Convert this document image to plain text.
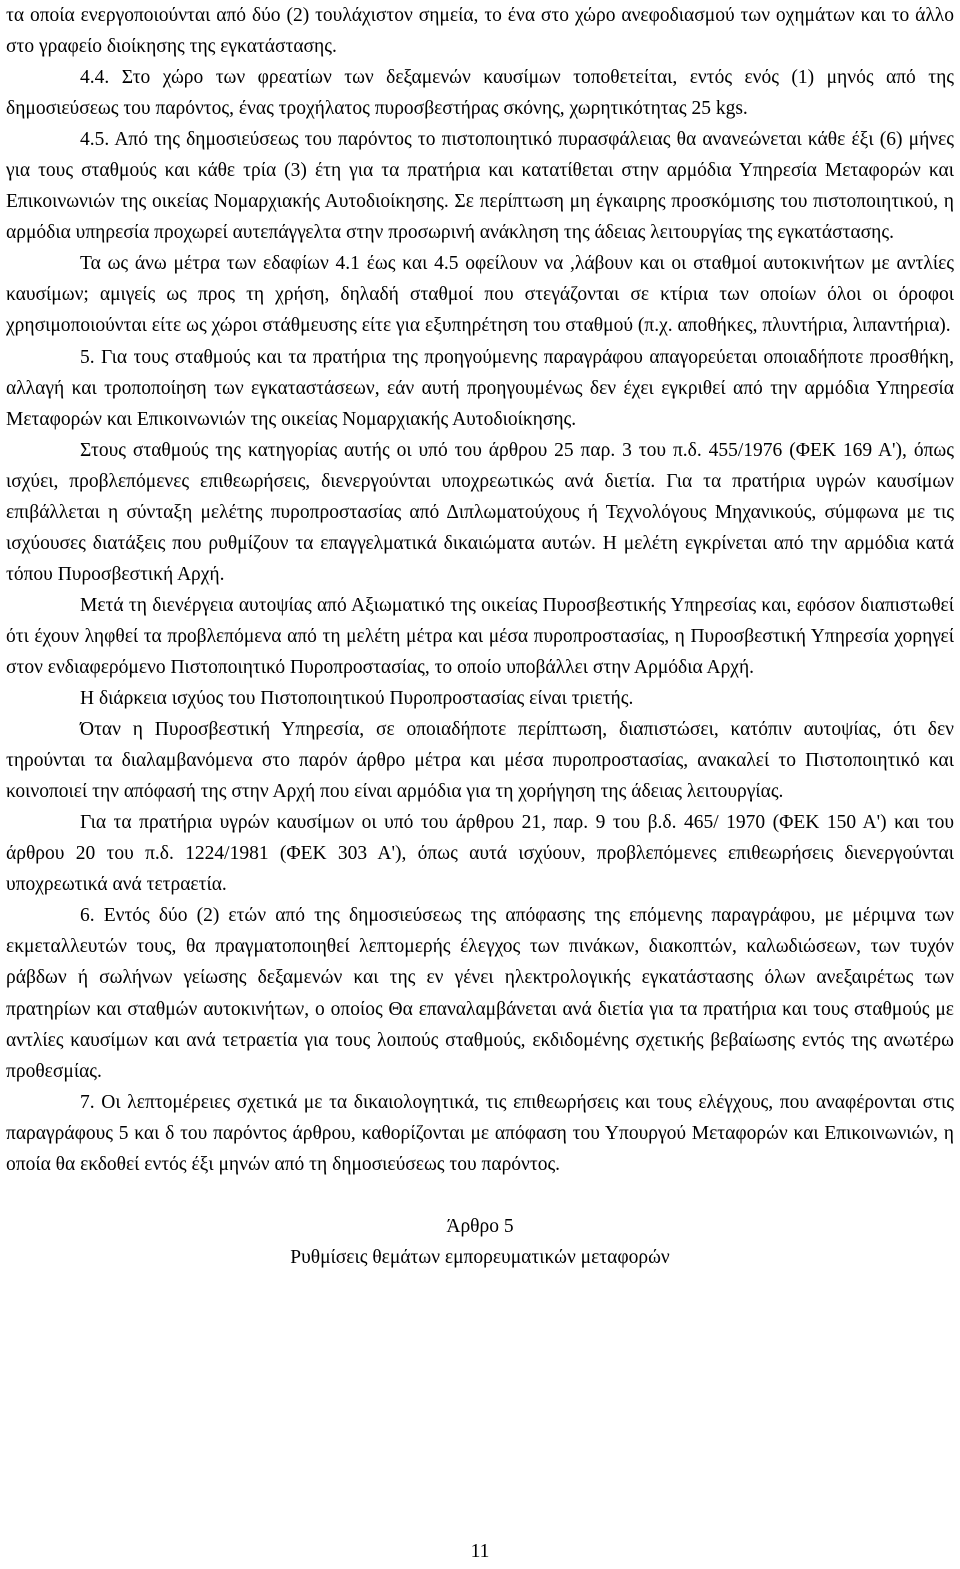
τα οποία ενεργοποιούνται από δύο (2) τουλάχιστον σημεία, το ένα στο χώρο ανεφοδιασμού των οχημάτων και το άλλο στο γραφείο διοίκησης της εγκατάστασης.

4.4. Στο χώρο των φρεατίων των δεξαμενών καυσίμων τοποθετείται, εντός ενός (1) μηνός από της δημοσιεύσεως του παρόντος, ένας τροχήλατος πυροσβεστήρας σκόνης, χωρητικότητας 25 kgs.

4.5. Από της δημοσιεύσεως του παρόντος το πιστοποιητικό πυρασφάλειας θα ανανεώνεται κάθε έξι (6) μήνες για τους σταθμούς και κάθε τρία (3) έτη για τα πρατήρια και κατατίθεται στην αρμόδια Υπηρεσία Μεταφορών και Επικοινωνιών της οικείας Νομαρχιακής Αυτοδιοίκησης. Σε περίπτωση μη έγκαιρης προσκόμισης του πιστοποιητικού, η αρμόδια υπηρεσία προχωρεί αυτεπάγγελτα στην προσωρινή ανάκληση της άδειας λειτουργίας της εγκατάστασης.

Τα ως άνω μέτρα των εδαφίων 4.1 έως και 4.5 οφείλουν να ,λάβουν και οι σταθμοί αυτοκινήτων με αντλίες καυσίμων; αμιγείς ως προς τη χρήση, δηλαδή σταθμοί που στεγάζονται σε κτίρια των οποίων όλοι οι όροφοι χρησιμοποιούνται είτε ως χώροι στάθμευσης είτε για εξυπηρέτηση του σταθμού (π.χ. αποθήκες, πλυντήρια, λιπαντήρια).

5. Για τους σταθμούς και τα πρατήρια της προηγούμενης παραγράφου απαγορεύεται οποιαδήποτε προσθήκη, αλλαγή και τροποποίηση των εγκαταστάσεων, εάν αυτή προηγουμένως δεν έχει εγκριθεί από την αρμόδια Υπηρεσία Μεταφορών και Επικοινωνιών της οικείας Νομαρχιακής Αυτοδιοίκησης.

Στους σταθμούς της κατηγορίας αυτής οι υπό του άρθρου 25 παρ. 3 του π.δ. 455/1976 (ΦΕΚ 169 Α'), όπως ισχύει, προβλεπόμενες επιθεωρήσεις, διενεργούνται υποχρεωτικώς ανά διετία. Για τα πρατήρια υγρών καυσίμων επιβάλλεται η σύνταξη μελέτης πυροπροστασίας από Διπλωματούχους ή Τεχνολόγους Μηχανικούς, σύμφωνα με τις ισχύουσες διατάξεις που ρυθμίζουν τα επαγγελματικά δικαιώματα αυτών. Η μελέτη εγκρίνεται από την αρμόδια κατά τόπου Πυροσβεστική Αρχή.

Μετά τη διενέργεια αυτοψίας από Αξιωματικό της οικείας Πυροσβεστικής Υπηρεσίας και, εφόσον διαπιστωθεί ότι έχουν ληφθεί τα προβλεπόμενα από τη μελέτη μέτρα και μέσα πυροπροστασίας, η Πυροσβεστική Υπηρεσία χορηγεί στον ενδιαφερόμενο Πιστοποιητικό Πυροπροστασίας, το οποίο υποβάλλει στην Αρμόδια Αρχή.

Η διάρκεια ισχύος του Πιστοποιητικού Πυροπροστασίας είναι τριετής.

Όταν η Πυροσβεστική Υπηρεσία, σε οποιαδήποτε περίπτωση, διαπιστώσει, κατόπιν αυτοψίας, ότι δεν τηρούνται τα διαλαμβανόμενα στο παρόν άρθρο μέτρα και μέσα πυροπροστασίας, ανακαλεί το Πιστοποιητικό και κοινοποιεί την απόφασή της στην Αρχή που είναι αρμόδια για τη χορήγηση της άδειας λειτουργίας.

Για τα πρατήρια υγρών καυσίμων οι υπό του άρθρου 21, παρ. 9 του β.δ. 465/ 1970 (ΦΕΚ 150 Α') και του άρθρου 20 του π.δ. 1224/1981 (ΦΕΚ 303 Α'), όπως αυτά ισχύουν, προβλεπόμενες επιθεωρήσεις διενεργούνται υποχρεωτικά ανά τετραετία.

6. Εντός δύο (2) ετών από της δημοσιεύσεως της απόφασης της επόμενης παραγράφου, με μέριμνα των εκμεταλλευτών τους, θα πραγματοποιηθεί λεπτομερής έλεγχος των πινάκων, διακοπτών, καλωδιώσεων, των τυχόν ράβδων ή σωλήνων γείωσης δεξαμενών και της εν γένει ηλεκτρολογικής εγκατάστασης όλων ανεξαιρέτως των πρατηρίων και σταθμών αυτοκινήτων, ο οποίος Θα επαναλαμβάνεται ανά διετία για τα πρατήρια και τους σταθμούς με αντλίες καυσίμων και ανά τετραετία για τους λοιπούς σταθμούς, εκδιδομένης σχετικής βεβαίωσης εντός της ανωτέρω προθεσμίας.

7. Οι λεπτομέρειες σχετικά με τα δικαιολογητικά, τις επιθεωρήσεις και τους ελέγχους, που αναφέρονται στις παραγράφους 5 και δ του παρόντος άρθρου, καθορίζονται με απόφαση του Υπουργού Μεταφορών και Επικοινωνιών, η οποία θα εκδοθεί εντός έξι μηνών από τη δημοσιεύσεως του παρόντος.

Άρθρο 5

Ρυθμίσεις θεμάτων εμπορευματικών μεταφορών

11
